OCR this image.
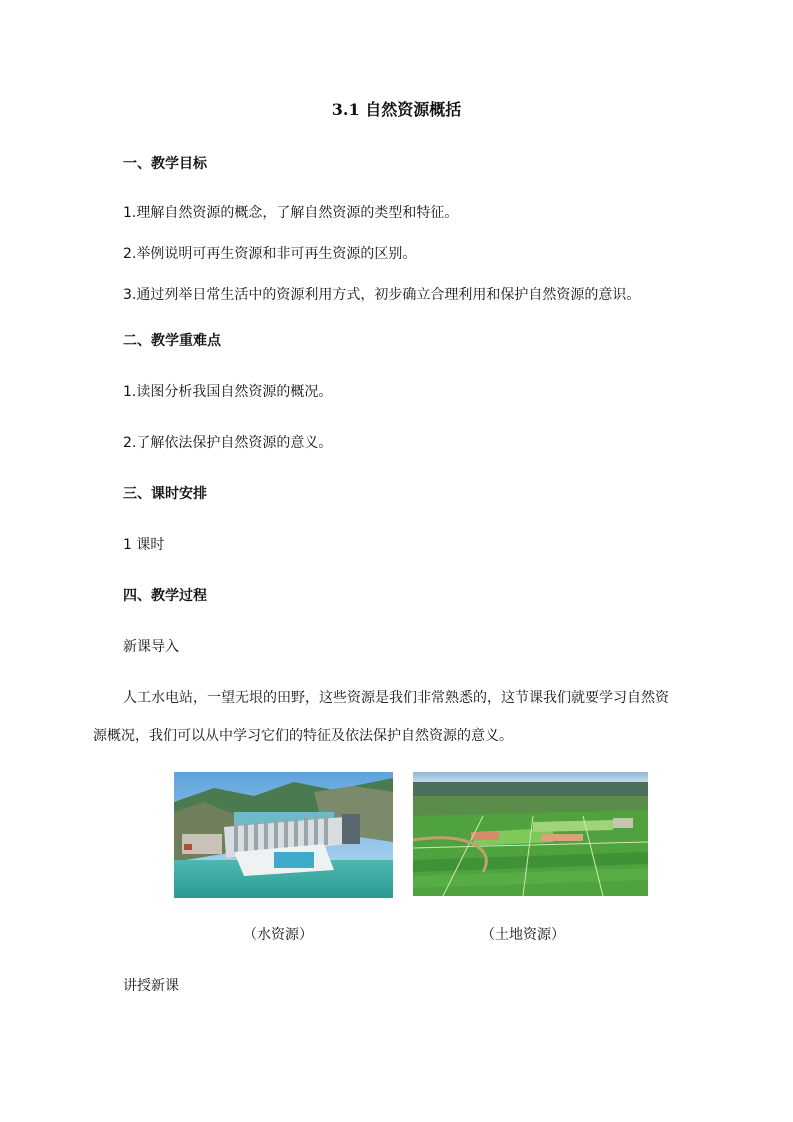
3.1 自然资源概括
一、教学目标
1.理解自然资源的概念，了解自然资源的类型和特征。
2.举例说明可再生资源和非可再生资源的区别。
3.通过列举日常生活中的资源利用方式，初步确立合理利用和保护自然资源的意识。
二、教学重难点
1.读图分析我国自然资源的概况。
2.了解依法保护自然资源的意义。
三、课时安排
1 课时
四、教学过程
新课导入
人工水电站，一望无垠的田野，这些资源是我们非常熟悉的，这节课我们就要学习自然资
源概况，我们可以从中学习它们的特征及依法保护自然资源的意义。
（水资源）	（土地资源）
讲授新课
